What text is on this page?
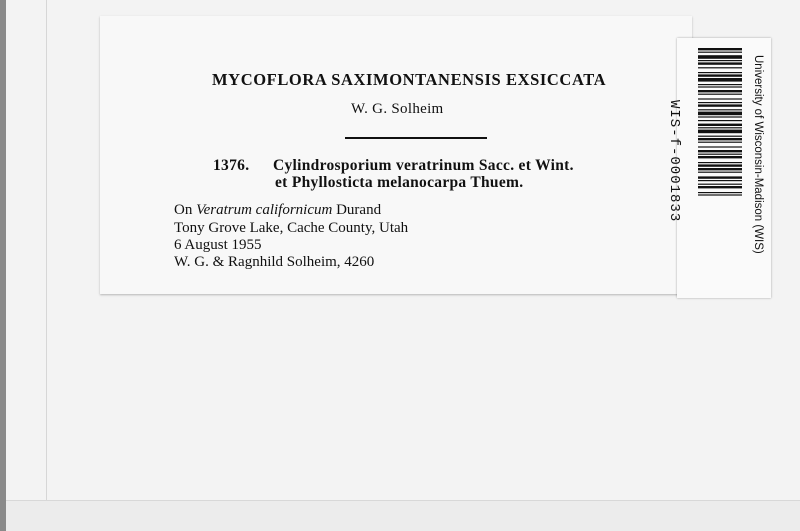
MYCOFLORA SAXIMONTANENSIS EXSICCATA
W. G. Solheim
1376. Cylindrosporium veratrinum Sacc. et Wint.
et Phyllosticta melanocarpa Thuem.
On Veratrum californicum Durand
Tony Grove Lake, Cache County, Utah
6 August 1955
W. G. & Ragnhild Solheim, 4260
WIS-f-0001833	University of Wisconsin-Madison (WIS)
